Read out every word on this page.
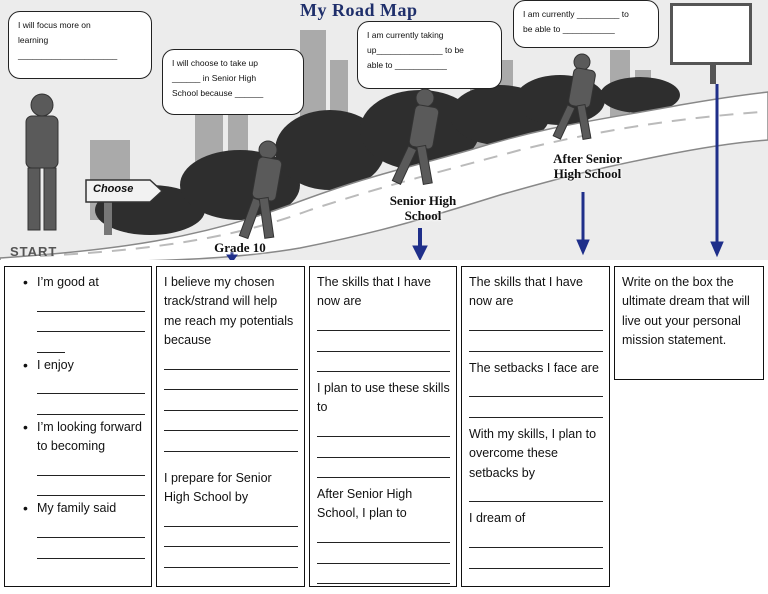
My Road Map
I will focus more on
learning
_____________________
I will choose to take up
______ in Senior High
School because ______
I am currently taking
up______________ to be
able to ___________
I am currently _________ to
be able to ___________
Choose
START	Grade 10
Senior High
School
After Senior
High School
• I’m good at
• I enjoy
• I’m looking forward to becoming
• My family said

I believe my chosen track/strand will help me reach my potentials because

I prepare for Senior High School by

The skills that I have now are

I plan to use these skills to

After Senior High School, I plan to

The skills that I have now are

The setbacks I face are

With my skills, I plan to overcome these setbacks by

I dream of

Write on the box the ultimate dream that will live out your personal mission statement.
